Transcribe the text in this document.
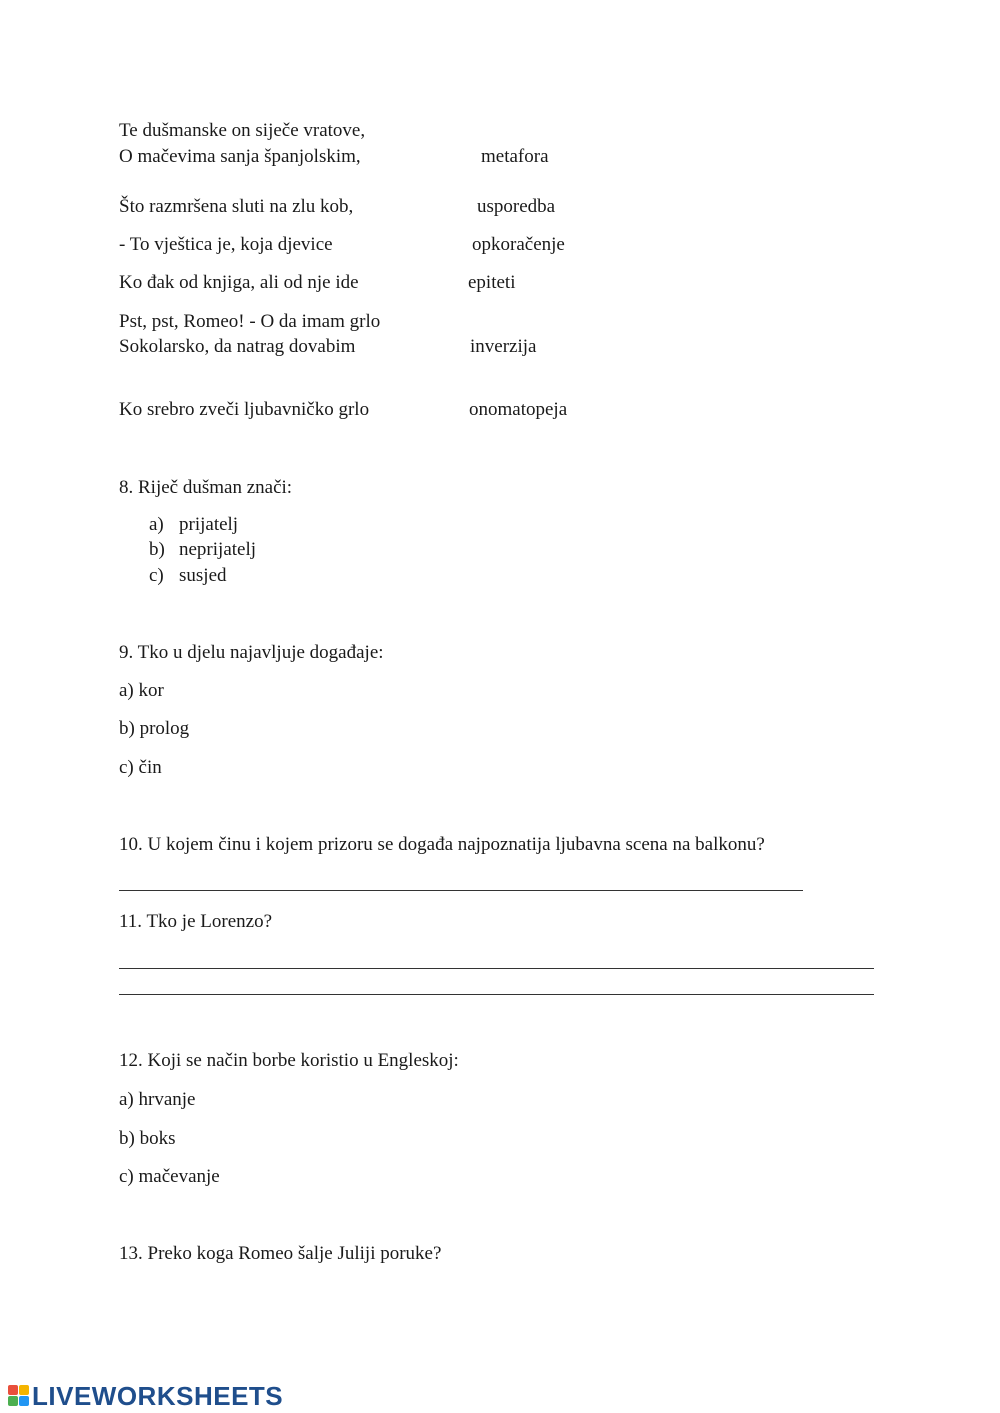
Te dušmanske on siječe vratove,
O mačevima sanja španjolskim,
Što razmršena sluti na zlu kob,
- To vještica je, koja djevice
Ko đak od knjiga, ali od nje ide
Pst, pst, Romeo! - O da imam grlo
Sokolarsko, da natrag dovabim
Ko srebro zveči ljubavničko grlo
metafora
usporedba
opkoračenje
epiteti
inverzija
onomatopeja
8. Riječ dušman znači:
a) prijatelj
b) neprijatelj
c) susjed
9. Tko u djelu najavljuje događaje:
a) kor
b) prolog
c) čin
10. U kojem činu i kojem prizoru se događa najpoznatija ljubavna scena na balkonu?
11. Tko je Lorenzo?
12. Koji se način borbe koristio u Engleskoj:
a) hrvanje
b) boks
c) mačevanje
13. Preko koga Romeo šalje Juliji poruke?
LIVEWORKSHEETS
